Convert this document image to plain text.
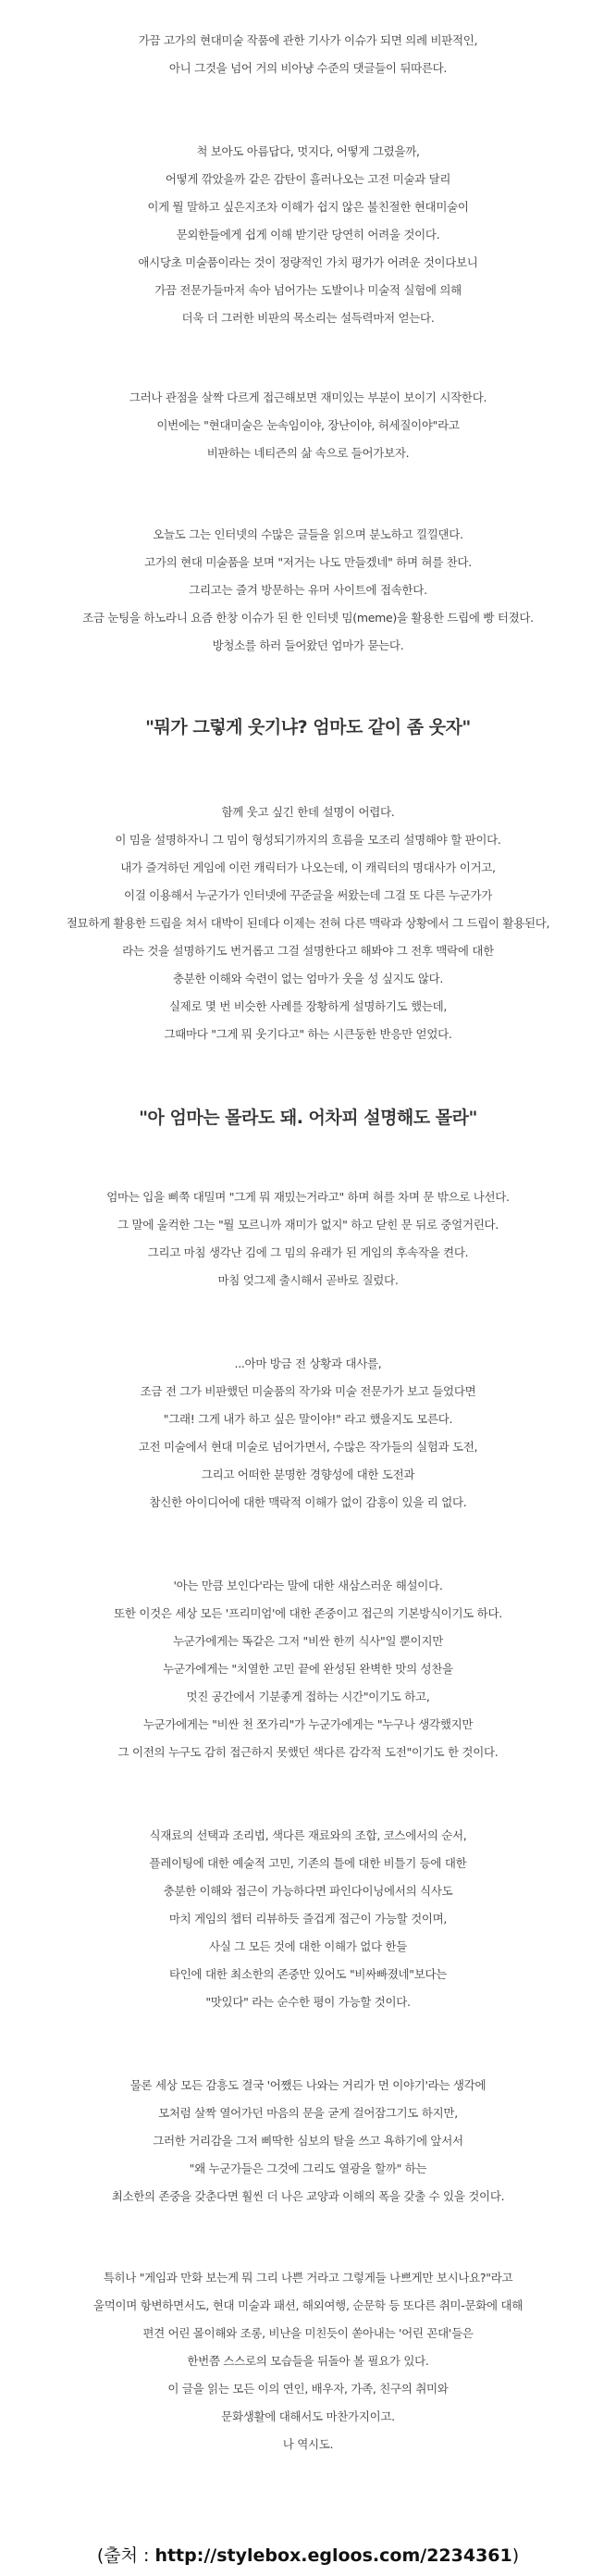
가끔 고가의 현대미술 작품에 관한 기사가 이슈가 되면 의례 비판적인,
아니 그것을 넘어 거의 비아냥 수준의 댓글들이 뒤따른다.

척 보아도 아름답다, 멋지다, 어떻게 그렸을까,
어떻게 깎았을까 같은 감탄이 흘러나오는 고전 미술과 달리
이게 뭘 말하고 싶은지조차 이해가 쉽지 않은 불친절한 현대미술이
문외한들에게 쉽게 이해 받기란 당연히 어려울 것이다.
애시당초 미술품이라는 것이 정량적인 가치 평가가 어려운 것이다보니
가끔 전문가들마저 속아 넘어가는 도발이나 미술적 실험에 의해
더욱 더 그러한 비판의 목소리는 설득력마저 얻는다.

그러나 관점을 살짝 다르게 접근해보면 재미있는 부분이 보이기 시작한다.
이번에는 "현대미술은 눈속임이야, 장난이야, 허세질이야"라고
비판하는 네티즌의 삶 속으로 들어가보자.

오늘도 그는 인터넷의 수많은 글들을 읽으며 분노하고 낄낄댄다.
고가의 현대 미술품을 보며 "저거는 나도 만들겠네" 하며 혀를 찬다.
그리고는 즐겨 방문하는 유머 사이트에 접속한다.
조금 눈팅을 하노라니 요즘 한창 이슈가 된 한 인터넷 밈(meme)을 활용한 드립에 빵 터졌다.
방청소를 하러 들어왔던 엄마가 묻는다.

"뭐가 그렇게 웃기냐? 엄마도 같이 좀 웃자"

함께 웃고 싶긴 한데 설명이 어렵다.
이 밈을 설명하자니 그 밈이 형성되기까지의 흐름을 모조리 설명해야 할 판이다.
내가 즐겨하던 게임에 이런 캐릭터가 나오는데, 이 캐릭터의 명대사가 이거고,
이걸 이용해서 누군가가 인터넷에 꾸준글을 써왔는데 그걸 또 다른 누군가가
절묘하게 활용한 드립을 쳐서 대박이 된데다 이제는 전혀 다른 맥락과 상황에서 그 드립이 활용된다,
라는 것을 설명하기도 번거롭고 그걸 설명한다고 해봐야 그 전후 맥락에 대한
충분한 이해와 숙련이 없는 엄마가 웃을 성 싶지도 않다.
실제로 몇 번 비슷한 사례를 장황하게 설명하기도 했는데,
그때마다 "그게 뭐 웃기다고" 하는 시큰둥한 반응만 얻었다.

"아 엄마는 몰라도 돼. 어차피 설명해도 몰라"

엄마는 입을 삐쭉 대밀며 "그게 뭐 재밌는거라고" 하며 혀를 차며 문 밖으로 나선다.
그 말에 울컥한 그는 "뭘 모르니까 재미가 없지" 하고 닫힌 문 뒤로 중얼거린다.
그리고 마침 생각난 김에 그 밈의 유래가 된 게임의 후속작을 켠다.
마침 엊그제 출시해서 곧바로 질렀다.

...아마 방금 전 상황과 대사를,
조금 전 그가 비판했던 미술품의 작가와 미술 전문가가 보고 들었다면
"그래! 그게 내가 하고 싶은 말이야!" 라고 했을지도 모른다.
고전 미술에서 현대 미술로 넘어가면서, 수많은 작가들의 실험과 도전,
그리고 어떠한 분명한 경향성에 대한 도전과
참신한 아이디어에 대한 맥락적 이해가 없이 감흥이 있을 리 없다.

'아는 만큼 보인다'라는 말에 대한 새삼스러운 해설이다.
또한 이것은 세상 모든 '프리미엄'에 대한 존중이고 접근의 기본방식이기도 하다.
누군가에게는 똑같은 그저 "비싼 한끼 식사"일 뿐이지만
누군가에게는 "치열한 고민 끝에 완성된 완벽한 맛의 성찬을
멋진 공간에서 기분좋게 접하는 시간"이기도 하고,
누군가에게는 "비싼 천 쪼가리"가 누군가에게는 "누구나 생각했지만
그 이전의 누구도 감히 접근하지 못했던 색다른 감각적 도전"이기도 한 것이다.

식재료의 선택과 조리법, 색다른 재료와의 조합, 코스에서의 순서,
플레이팅에 대한 예술적 고민, 기존의 틀에 대한 비틀기 등에 대한
충분한 이해와 접근이 가능하다면 파인다이닝에서의 식사도
마치 게임의 챕터 리뷰하듯 즐겁게 접근이 가능할 것이며,
사실 그 모든 것에 대한 이해가 없다 한들
타인에 대한 최소한의 존중만 있어도 "비싸빠졌네"보다는
"맛있다" 라는 순수한 평이 가능할 것이다.

물론 세상 모든 감흥도 결국 '어쨌든 나와는 거리가 먼 이야기'라는 생각에
모처럼 살짝 열어가던 마음의 문을 굳게 걸어잠그기도 하지만,
그러한 거리감을 그저 삐딱한 심보의 탈을 쓰고 욕하기에 앞서서
"왜 누군가들은 그것에 그리도 열광을 할까" 하는
최소한의 존중을 갖춘다면 훨씬 더 나은 교양과 이해의 폭을 갖출 수 있을 것이다.

특히나 "게임과 만화 보는게 뭐 그리 나쁜 거라고 그렇게들 나쁘게만 보시나요?"라고
울먹이며 항변하면서도, 현대 미술과 패션, 해외여행, 순문학 등 또다른 취미-문화에 대해
편견 어린 몰이해와 조롱, 비난을 미친듯이 쏟아내는 '어린 꼰대'들은
한번쯤 스스로의 모습들을 뒤돌아 볼 필요가 있다.
이 글을 읽는 모든 이의 연인, 배우자, 가족, 친구의 취미와
문화생활에 대해서도 마찬가지이고.
나 역시도.

(출처 : http://stylebox.egloos.com/2234361)
